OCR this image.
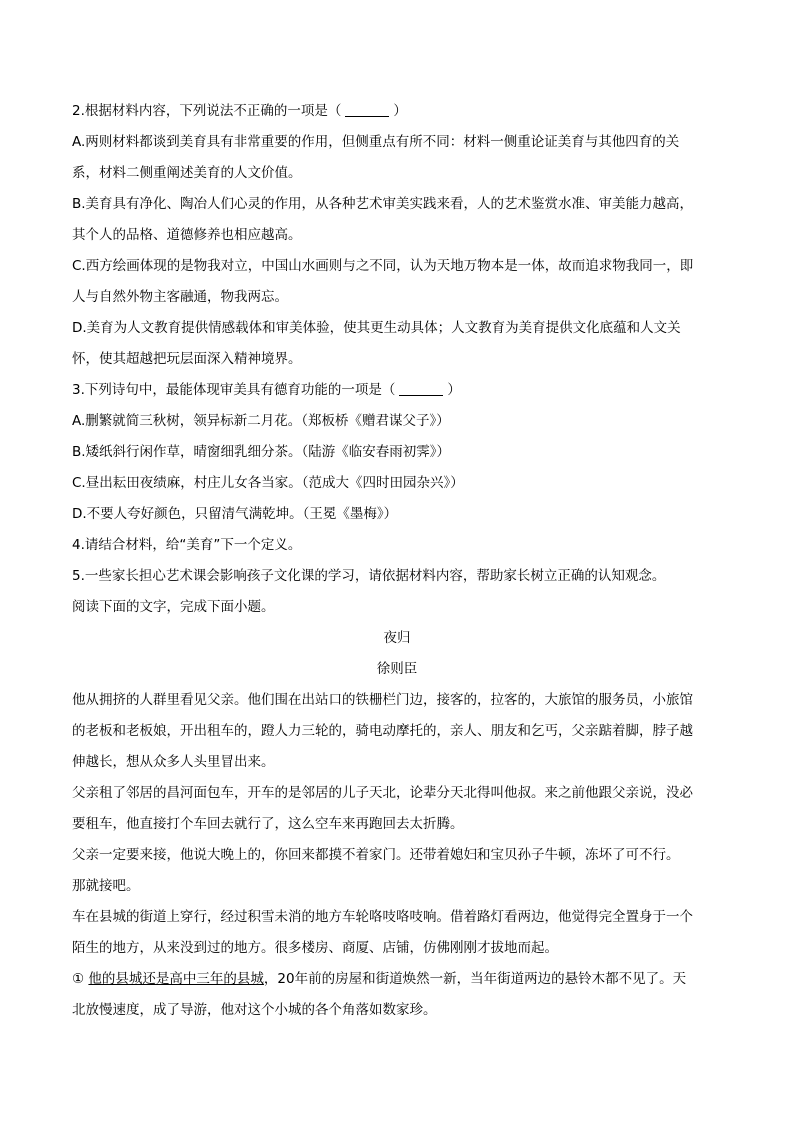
2.根据材料内容，下列说法不正确的一项是（	）

A.两则材料都谈到美育具有非常重要的作用，但侧重点有所不同：材料一侧重论证美育与其他四育的关

系，材料二侧重阐述美育的人文价值。

B.美育具有净化、陶冶人们心灵的作用，从各种艺术审美实践来看，人的艺术鉴赏水准、审美能力越高，

其个人的品格、道德修养也相应越高。

C.西方绘画体现的是物我对立，中国山水画则与之不同，认为天地万物本是一体，故而追求物我同一，即

人与自然外物主客融通，物我两忘。

D.美育为人文教育提供情感载体和审美体验，使其更生动具体；人文教育为美育提供文化底蕴和人文关

怀，使其超越把玩层面深入精神境界。

3.下列诗句中，最能体现审美具有德育功能的一项是（	）

A.删繁就简三秋树，领异标新二月花。（郑板桥《赠君谋父子》）

B.矮纸斜行闲作草，晴窗细乳细分茶。（陆游《临安春雨初霁》）

C.昼出耘田夜绩麻，村庄儿女各当家。（范成大《四时田园杂兴》）

D.不要人夸好颜色，只留清气满乾坤。（王冕《墨梅》）

4.请结合材料，给“美育”下一个定义。

5.一些家长担心艺术课会影响孩子文化课的学习，请依据材料内容，帮助家长树立正确的认知观念。

阅读下面的文字，完成下面小题。

夜归

徐则臣

他从拥挤的人群里看见父亲。他们围在出站口的铁栅栏门边，接客的，拉客的，大旅馆的服务员，小旅馆

的老板和老板娘，开出租车的，蹬人力三轮的，骑电动摩托的，亲人、朋友和乞丐，父亲踮着脚，脖子越

伸越长，想从众多人头里冒出来。

父亲租了邻居的昌河面包车，开车的是邻居的儿子天北，论辈分天北得叫他叔。来之前他跟父亲说，没必

要租车，他直接打个车回去就行了，这么空车来再跑回去太折腾。

父亲一定要来接，他说大晚上的，你回来都摸不着家门。还带着媳妇和宝贝孙子牛顿，冻坏了可不行。

那就接吧。

车在县城的街道上穿行，经过积雪未消的地方车轮咯吱咯吱响。借着路灯看两边，他觉得完全置身于一个

陌生的地方，从来没到过的地方。很多楼房、商厦、店铺，仿佛刚刚才拔地而起。

① 他的县城还是高中三年的县城，20年前的房屋和街道焕然一新，当年街道两边的悬铃木都不见了。天

北放慢速度，成了导游，他对这个小城的各个角落如数家珍。
